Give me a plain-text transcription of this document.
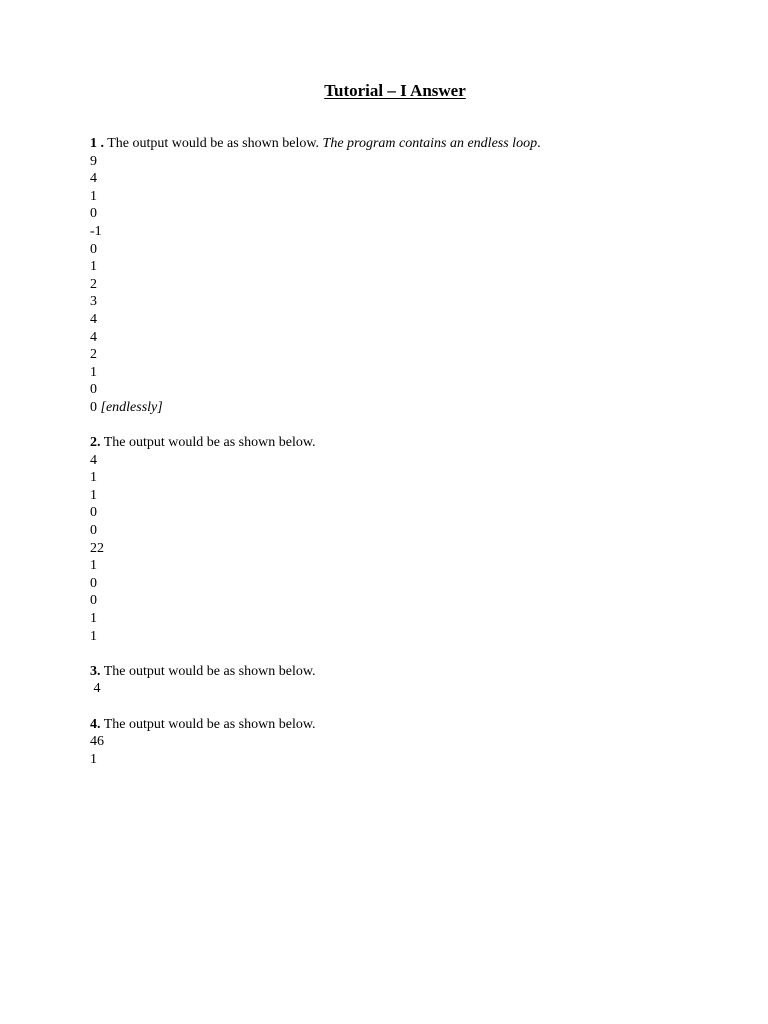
Tutorial – I Answer
1 . The output would be as shown below. The program contains an endless loop.
9
4
1
0
-1
0
1
2
3
4
4
2
1
0
0 [endlessly]
2. The output would be as shown below.
4
1
1
0
0
22
1
0
0
1
1
3. The output would be as shown below.
4
4. The output would be as shown below.
46
1
